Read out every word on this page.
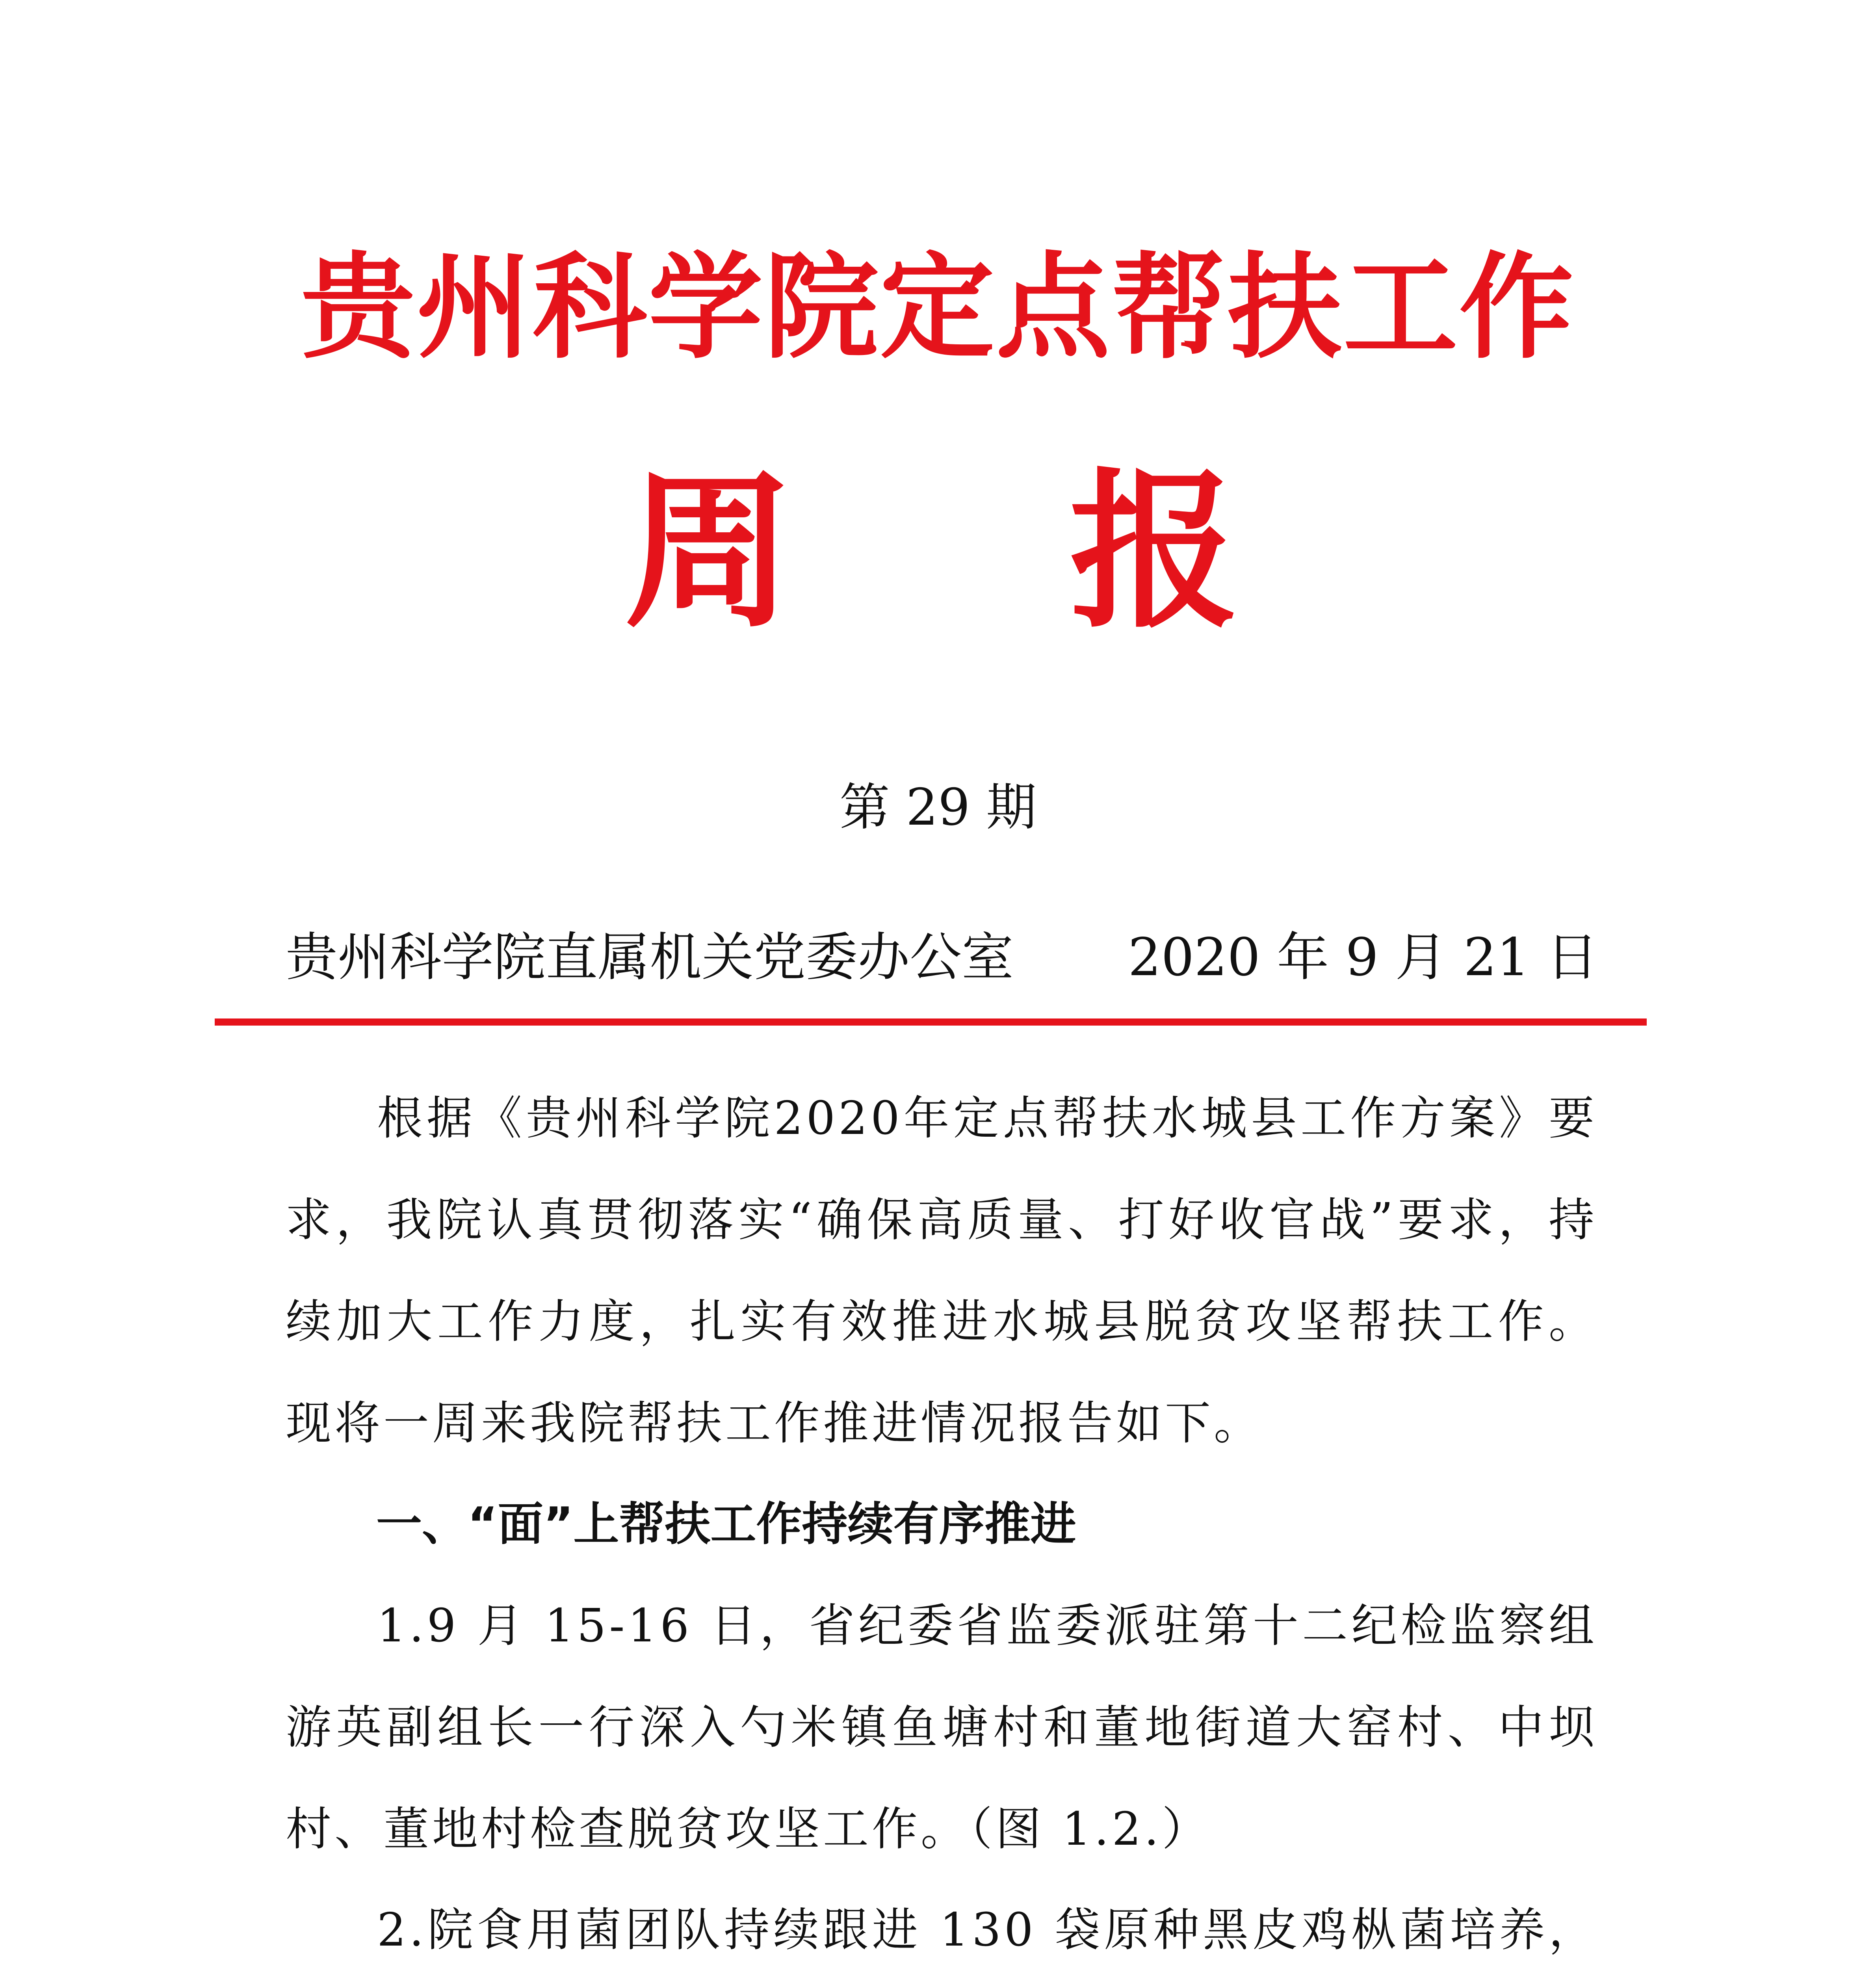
贵州科学院定点帮扶工作
周 报
第 29 期
贵州科学院直属机关党委办公室 2020 年 9 月 21 日
根据《贵州科学院2020年定点帮扶水城县工作方案》要求，我院认真贯彻落实“确保高质量、打好收官战”要求，持续加大工作力度，扎实有效推进水城县脱贫攻坚帮扶工作。现将一周来我院帮扶工作推进情况报告如下。
一、“面”上帮扶工作持续有序推进
1.9 月 15-16 日，省纪委省监委派驻第十二纪检监察组游英副组长一行深入勺米镇鱼塘村和董地街道大窑村、中坝村、董地村检查脱贫攻坚工作。（图 1.2.）
2.院食用菌团队持续跟进 130 袋原种黑皮鸡枞菌培养，
